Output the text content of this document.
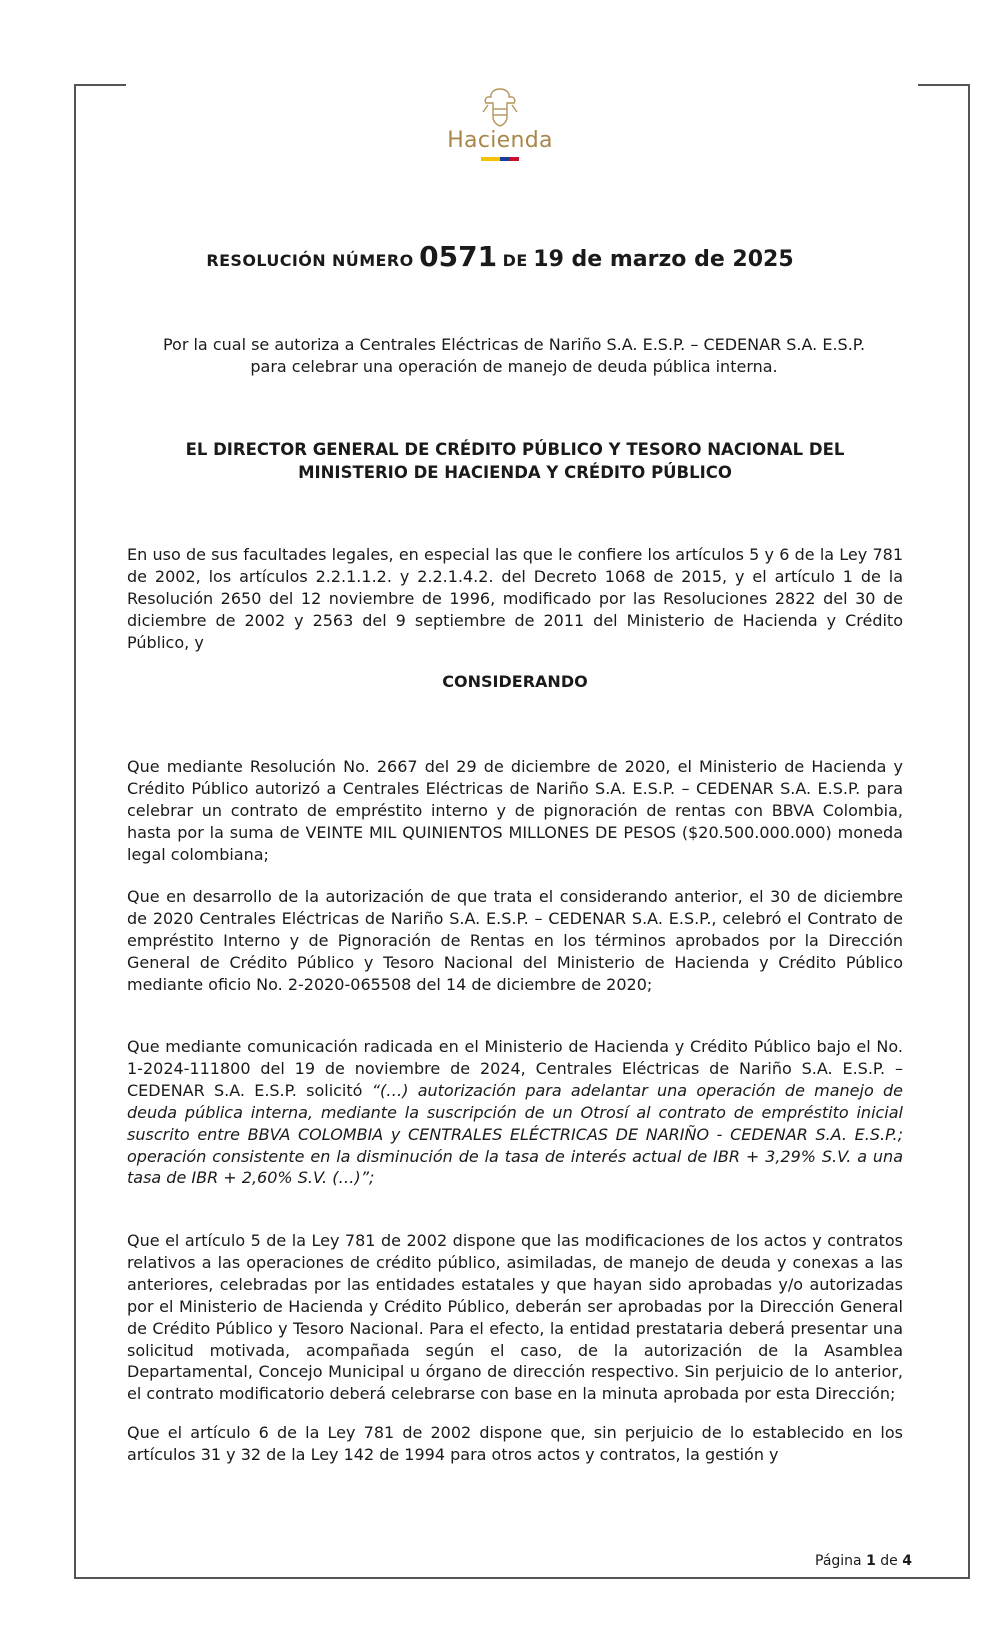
Hacienda
RESOLUCIÓN NÚMERO 0571 DE 19 de marzo de 2025
Por la cual se autoriza a Centrales Eléctricas de Nariño S.A. E.S.P. – CEDENAR S.A. E.S.P.
para celebrar una operación de manejo de deuda pública interna.
EL DIRECTOR GENERAL DE CRÉDITO PÚBLICO Y TESORO NACIONAL DEL
MINISTERIO DE HACIENDA Y CRÉDITO PÚBLICO
En uso de sus facultades legales, en especial las que le confiere los artículos 5 y 6 de la Ley 781 de 2002, los artículos 2.2.1.1.2. y 2.2.1.4.2. del Decreto 1068 de 2015, y el artículo 1 de la Resolución 2650 del 12 noviembre de 1996, modificado por las Resoluciones 2822 del 30 de diciembre de 2002 y 2563 del 9 septiembre de 2011 del Ministerio de Hacienda y Crédito Público, y
CONSIDERANDO
Que mediante Resolución No. 2667 del 29 de diciembre de 2020, el Ministerio de Hacienda y Crédito Público autorizó a Centrales Eléctricas de Nariño S.A. E.S.P. – CEDENAR S.A. E.S.P. para celebrar un contrato de empréstito interno y de pignoración de rentas con BBVA Colombia, hasta por la suma de VEINTE MIL QUINIENTOS MILLONES DE PESOS ($20.500.000.000) moneda legal colombiana;
Que en desarrollo de la autorización de que trata el considerando anterior, el 30 de diciembre de 2020 Centrales Eléctricas de Nariño S.A. E.S.P. – CEDENAR S.A. E.S.P., celebró el Contrato de empréstito Interno y de Pignoración de Rentas en los términos aprobados por la Dirección General de Crédito Público y Tesoro Nacional del Ministerio de Hacienda y Crédito Público mediante oficio No. 2-2020-065508 del 14 de diciembre de 2020;
Que mediante comunicación radicada en el Ministerio de Hacienda y Crédito Público bajo el No. 1-2024-111800 del 19 de noviembre de 2024, Centrales Eléctricas de Nariño S.A. E.S.P. – CEDENAR S.A. E.S.P. solicitó “(…) autorización para adelantar una operación de manejo de deuda pública interna, mediante la suscripción de un Otrosí al contrato de empréstito inicial suscrito entre BBVA COLOMBIA y CENTRALES ELÉCTRICAS DE NARIÑO - CEDENAR S.A. E.S.P.; operación consistente en la disminución de la tasa de interés actual de IBR + 3,29% S.V. a una tasa de IBR + 2,60% S.V. (…)”;
Que el artículo 5 de la Ley 781 de 2002 dispone que las modificaciones de los actos y contratos relativos a las operaciones de crédito público, asimiladas, de manejo de deuda y conexas a las anteriores, celebradas por las entidades estatales y que hayan sido aprobadas y/o autorizadas por el Ministerio de Hacienda y Crédito Público, deberán ser aprobadas por la Dirección General de Crédito Público y Tesoro Nacional. Para el efecto, la entidad prestataria deberá presentar una solicitud motivada, acompañada según el caso, de la autorización de la Asamblea Departamental, Concejo Municipal u órgano de dirección respectivo. Sin perjuicio de lo anterior, el contrato modificatorio deberá celebrarse con base en la minuta aprobada por esta Dirección;
Que el artículo 6 de la Ley 781 de 2002 dispone que, sin perjuicio de lo establecido en los artículos 31 y 32 de la Ley 142 de 1994 para otros actos y contratos, la gestión y
Página 1 de 4
